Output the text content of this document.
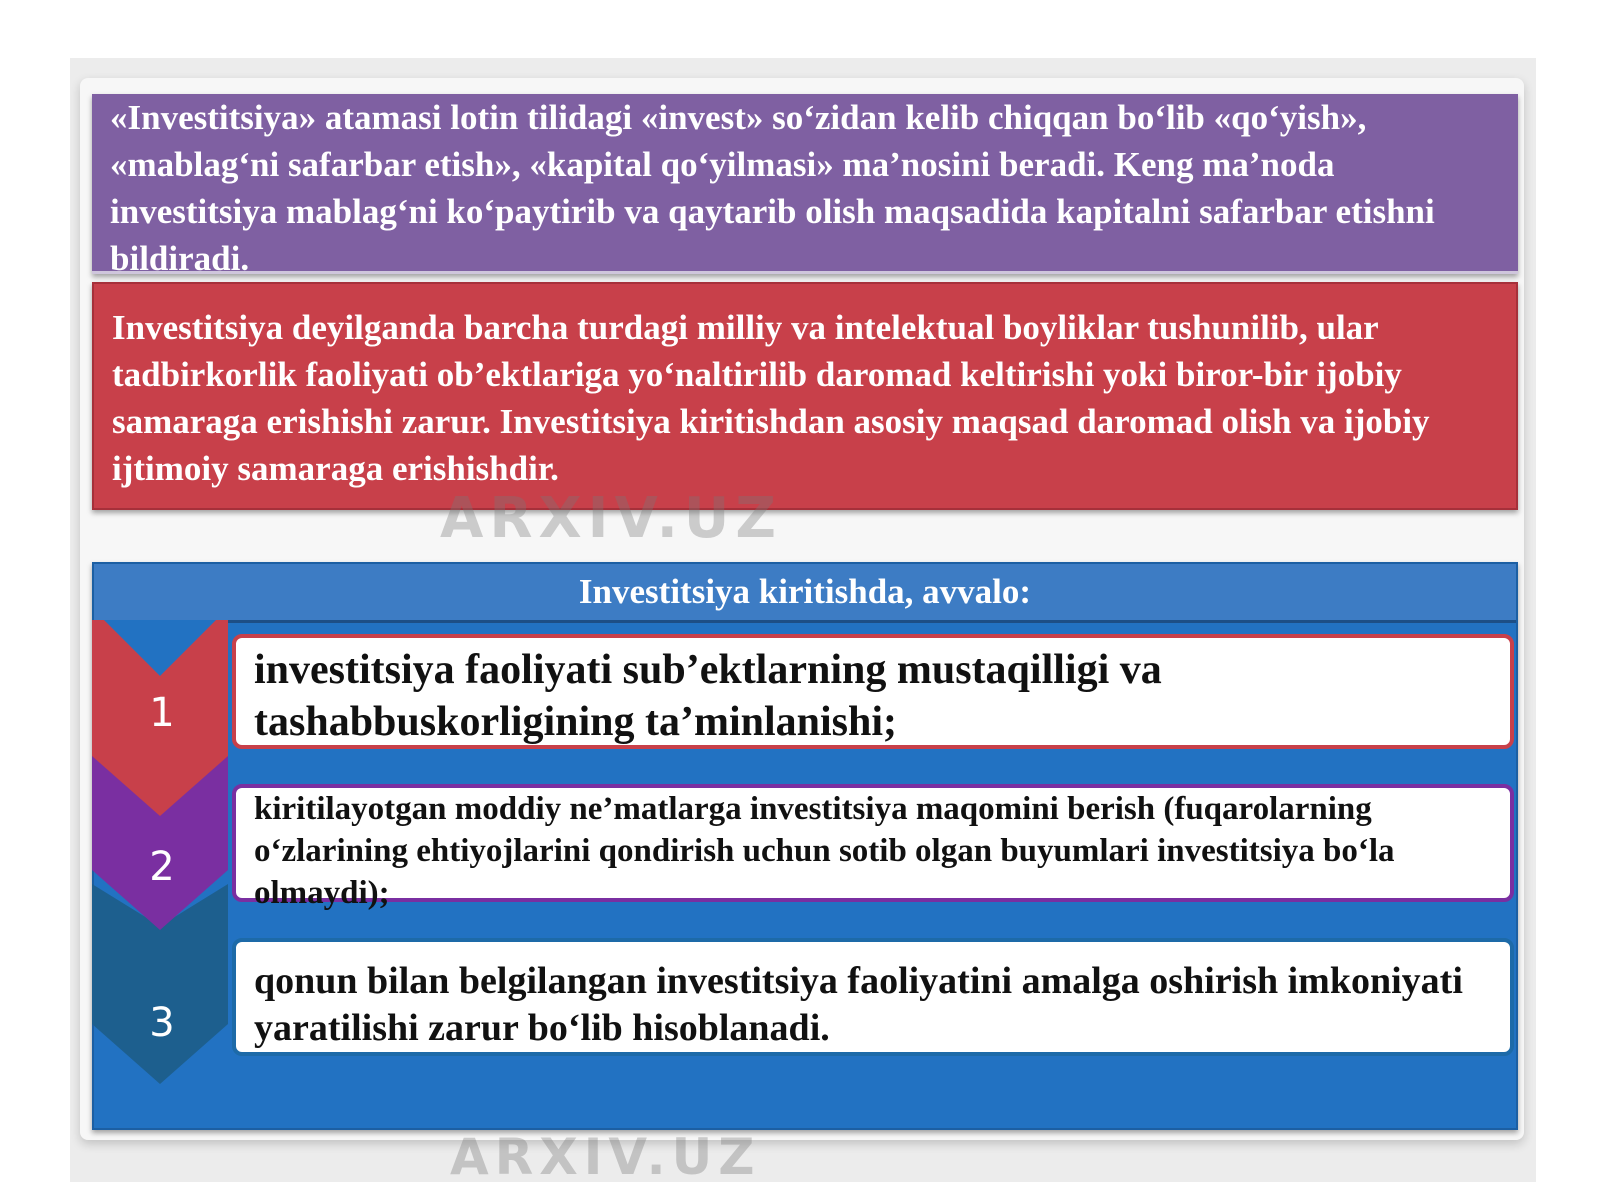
«Investitsiya» atamasi lotin tilidagi «invest» so‘zidan kelib chiqqan bo‘lib «qo‘yish», «mablag‘ni safarbar etish», «kapital qo‘yilmasi» ma’nosini beradi. Keng ma’noda investitsiya mablag‘ni ko‘paytirib va qaytarib olish maqsadida kapitalni safarbar etishni bildiradi.
Investitsiya deyilganda barcha turdagi milliy va intelektual boyliklar tushunilib, ular tadbirkorlik faoliyati ob’ektlariga yo‘naltirilib daromad keltirishi yoki biror-bir ijobiy samaraga erishishi zarur. Investitsiya kiritishdan asosiy maqsad daromad olish va ijobiy ijtimoiy samaraga erishishdir.
ARXIV.UZ
Investitsiya kiritishda, avvalo:
1
2
3
investitsiya faoliyati sub’ektlarning mustaqilligi va tashabbuskorligining ta’minlanishi;
kiritilayotgan moddiy ne’matlarga investitsiya maqomini berish (fuqarolarning o‘zlarining ehtiyojlarini qondirish uchun sotib olgan buyumlari investitsiya bo‘la olmaydi);
qonun bilan belgilangan investitsiya faoliyatini amalga oshirish imkoniyati yaratilishi zarur bo‘lib hisoblanadi.
ARXIV.UZ
